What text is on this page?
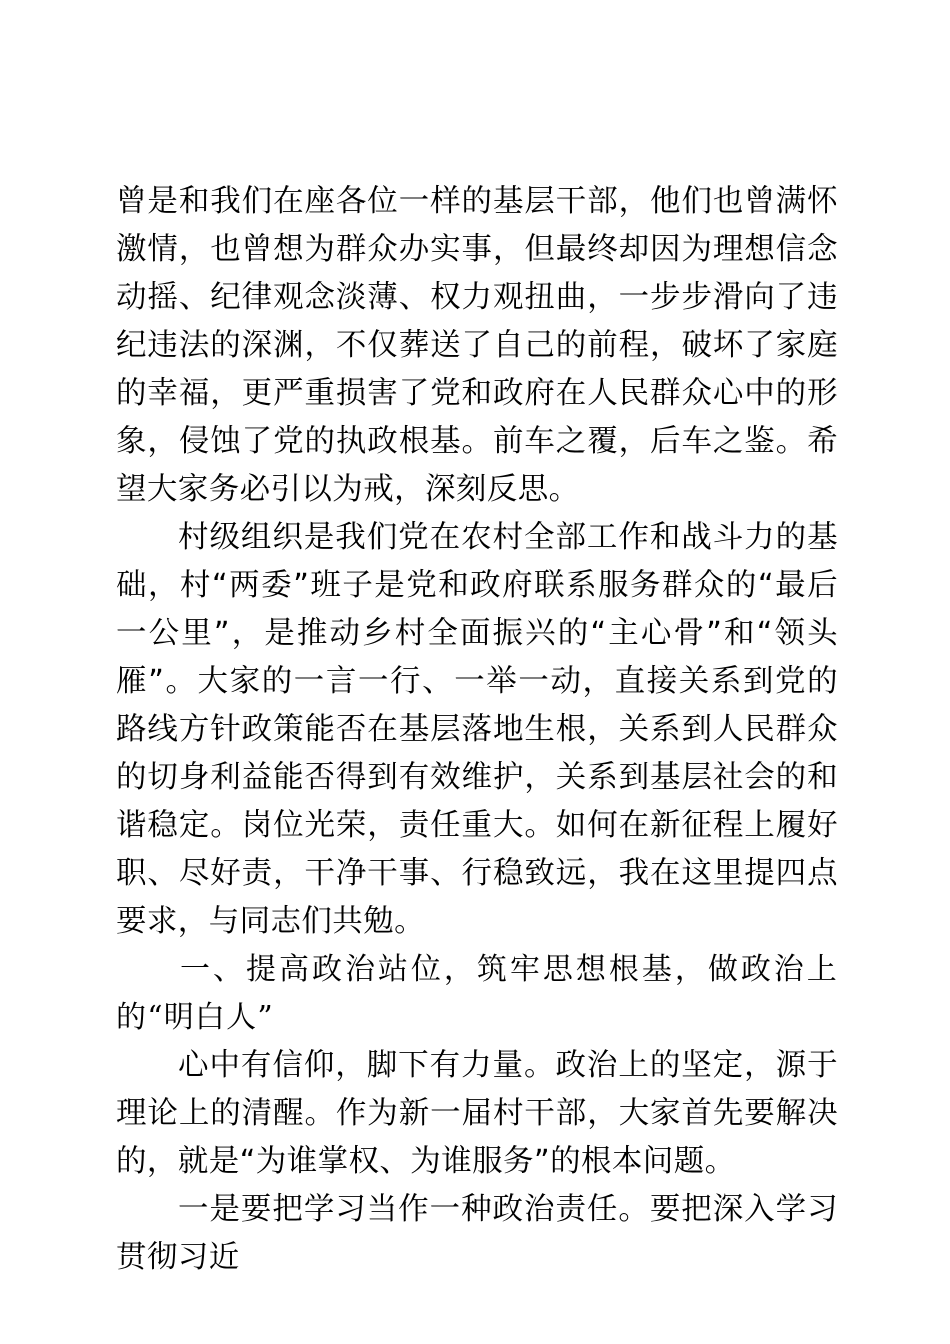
曾是和我们在座各位一样的基层干部，他们也曾满怀激情，也曾想为群众办实事，但最终却因为理想信念动摇、纪律观念淡薄、权力观扭曲，一步步滑向了违纪违法的深渊，不仅葬送了自己的前程，破坏了家庭的幸福，更严重损害了党和政府在人民群众心中的形象，侵蚀了党的执政根基。前车之覆，后车之鉴。希望大家务必引以为戒，深刻反思。

村级组织是我们党在农村全部工作和战斗力的基础，村“两委”班子是党和政府联系服务群众的“最后一公里”，是推动乡村全面振兴的“主心骨”和“领头雁”。大家的一言一行、一举一动，直接关系到党的路线方针政策能否在基层落地生根，关系到人民群众的切身利益能否得到有效维护，关系到基层社会的和谐稳定。岗位光荣，责任重大。如何在新征程上履好职、尽好责，干净干事、行稳致远，我在这里提四点要求，与同志们共勉。

一、提高政治站位，筑牢思想根基，做政治上的“明白人”

心中有信仰，脚下有力量。政治上的坚定，源于理论上的清醒。作为新一届村干部，大家首先要解决的，就是“为谁掌权、为谁服务”的根本问题。

一是要把学习当作一种政治责任。要把深入学习贯彻习近
